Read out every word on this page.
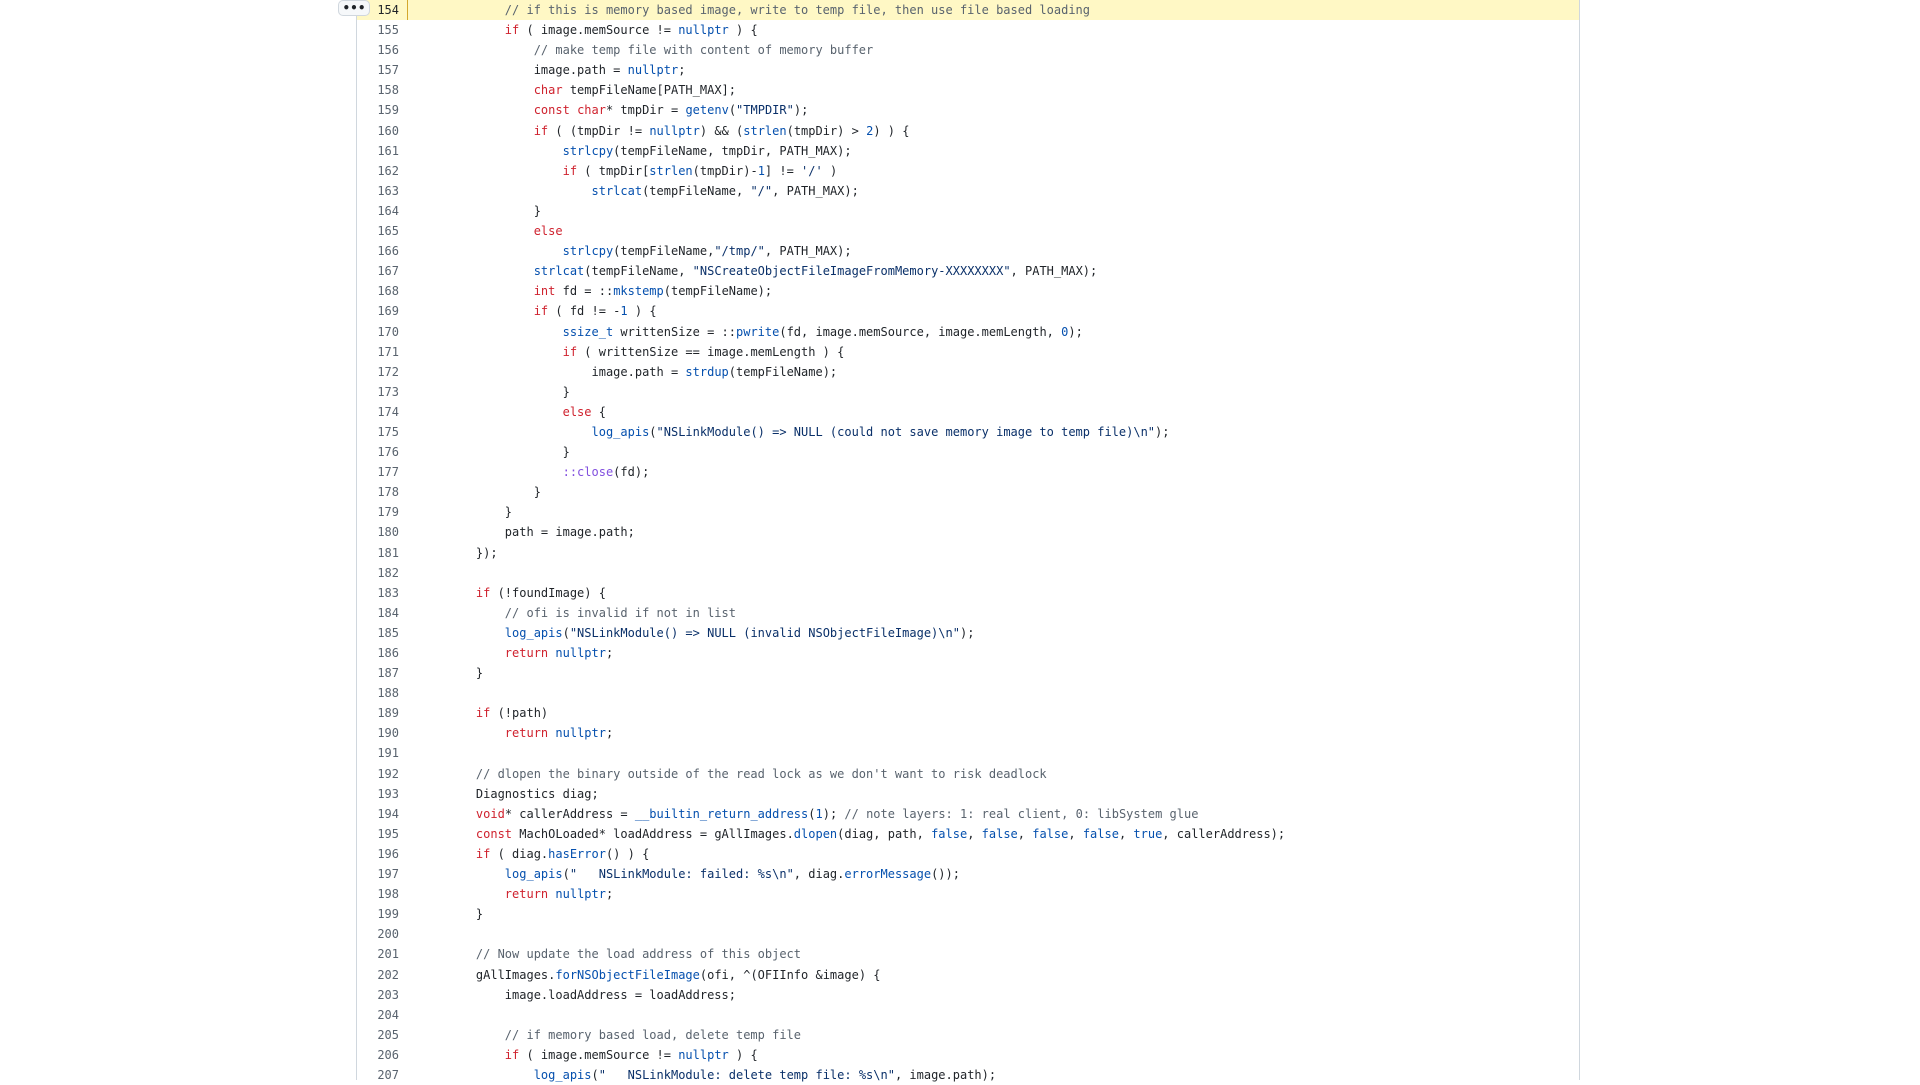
••• 154	// if this is memory based image, write to temp file, then use file based loading
155	if ( image.memSource != nullptr ) {
156	// make temp file with content of memory buffer
157	image.path = nullptr;
158	char tempFileName[PATH_MAX];
159	const char* tmpDir = getenv("TMPDIR");
160	if ( (tmpDir != nullptr) && (strlen(tmpDir) > 2) ) {
161	strlcpy(tempFileName, tmpDir, PATH_MAX);
162	if ( tmpDir[strlen(tmpDir)-1] != '/' )
163	strlcat(tempFileName, "/", PATH_MAX);
164	}
165	else
166	strlcpy(tempFileName,"/tmp/", PATH_MAX);
167	strlcat(tempFileName, "NSCreateObjectFileImageFromMemory-XXXXXXXX", PATH_MAX);
168	int fd = ::mkstemp(tempFileName);
169	if ( fd != -1 ) {
170	ssize_t writtenSize = ::pwrite(fd, image.memSource, image.memLength, 0);
171	if ( writtenSize == image.memLength ) {
172	image.path = strdup(tempFileName);
173	}
174	else {
175	log_apis("NSLinkModule() => NULL (could not save memory image to temp file)\n");
176	}
177	::close(fd);
178	}
179	}
180	path = image.path;
181	});
182
183	if (!foundImage) {
184	// ofi is invalid if not in list
185	log_apis("NSLinkModule() => NULL (invalid NSObjectFileImage)\n");
186	return nullptr;
187	}
188
189	if (!path)
190	return nullptr;
191
192	// dlopen the binary outside of the read lock as we don't want to risk deadlock
193	Diagnostics diag;
194	void* callerAddress = __builtin_return_address(1); // note layers: 1: real client, 0: libSystem glue
195	const MachOLoaded* loadAddress = gAllImages.dlopen(diag, path, false, false, false, false, true, callerAddress);
196	if ( diag.hasError() ) {
197	log_apis("   NSLinkModule: failed: %s\n", diag.errorMessage());
198	return nullptr;
199	}
200
201	// Now update the load address of this object
202	gAllImages.forNSObjectFileImage(ofi, ^(OFIInfo &image) {
203	image.loadAddress = loadAddress;
204
205	// if memory based load, delete temp file
206	if ( image.memSource != nullptr ) {
207	log_apis("   NSLinkModule: delete temp file: %s\n", image.path);
